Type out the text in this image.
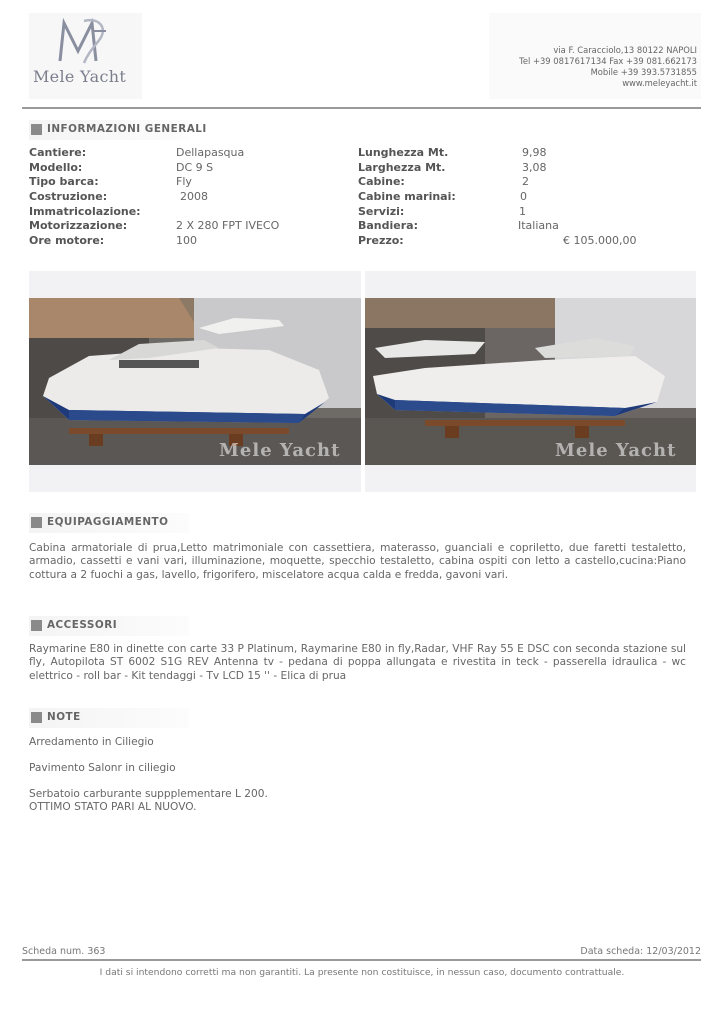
Mele Yacht
via F. Caracciolo,13 80122 NAPOLI
Tel +39 0817617134 Fax +39 081.662173
Mobile +39 393.5731855
www.meleyacht.it
INFORMAZIONI GENERALI
Cantiere:	Dellapasqua
Modello:	DC 9 S
Tipo barca:	Fly
Costruzione:	2008
Immatricolazione:
Motorizzazione:	2 X 280 FPT IVECO
Ore motore:	100
Lunghezza Mt.	9,98
Larghezza Mt.	3,08
Cabine:	2
Cabine marinai:	0
Servizi:	1
Bandiera:	Italiana
Prezzo:	€ 105.000,00
Mele Yacht	Mele Yacht
EQUIPAGGIAMENTO
Cabina armatoriale di prua,Letto matrimoniale con cassettiera, materasso, guanciali e copriletto, due faretti testaletto, armadio, cassetti e vani vari, illuminazione, moquette, specchio testaletto, cabina ospiti con letto a castello,cucina:Piano cottura a 2 fuochi a gas, lavello, frigorifero, miscelatore acqua calda e fredda, gavoni vari.
ACCESSORI
Raymarine E80 in dinette con carte 33 P Platinum, Raymarine E80 in fly,Radar, VHF Ray 55 E DSC con seconda stazione sul fly, Autopilota ST 6002 S1G REV Antenna tv - pedana di poppa allungata e rivestita in teck - passerella idraulica - wc elettrico - roll bar - Kit tendaggi - Tv LCD 15 '' - Elica di prua
NOTE
Arredamento in Ciliegio
Pavimento Salonr in ciliegio
Serbatoio carburante suppplementare L 200.
OTTIMO STATO PARI AL NUOVO.
Scheda num. 363	Data scheda: 12/03/2012
I dati si intendono corretti ma non garantiti. La presente non costituisce, in nessun caso, documento contrattuale.
